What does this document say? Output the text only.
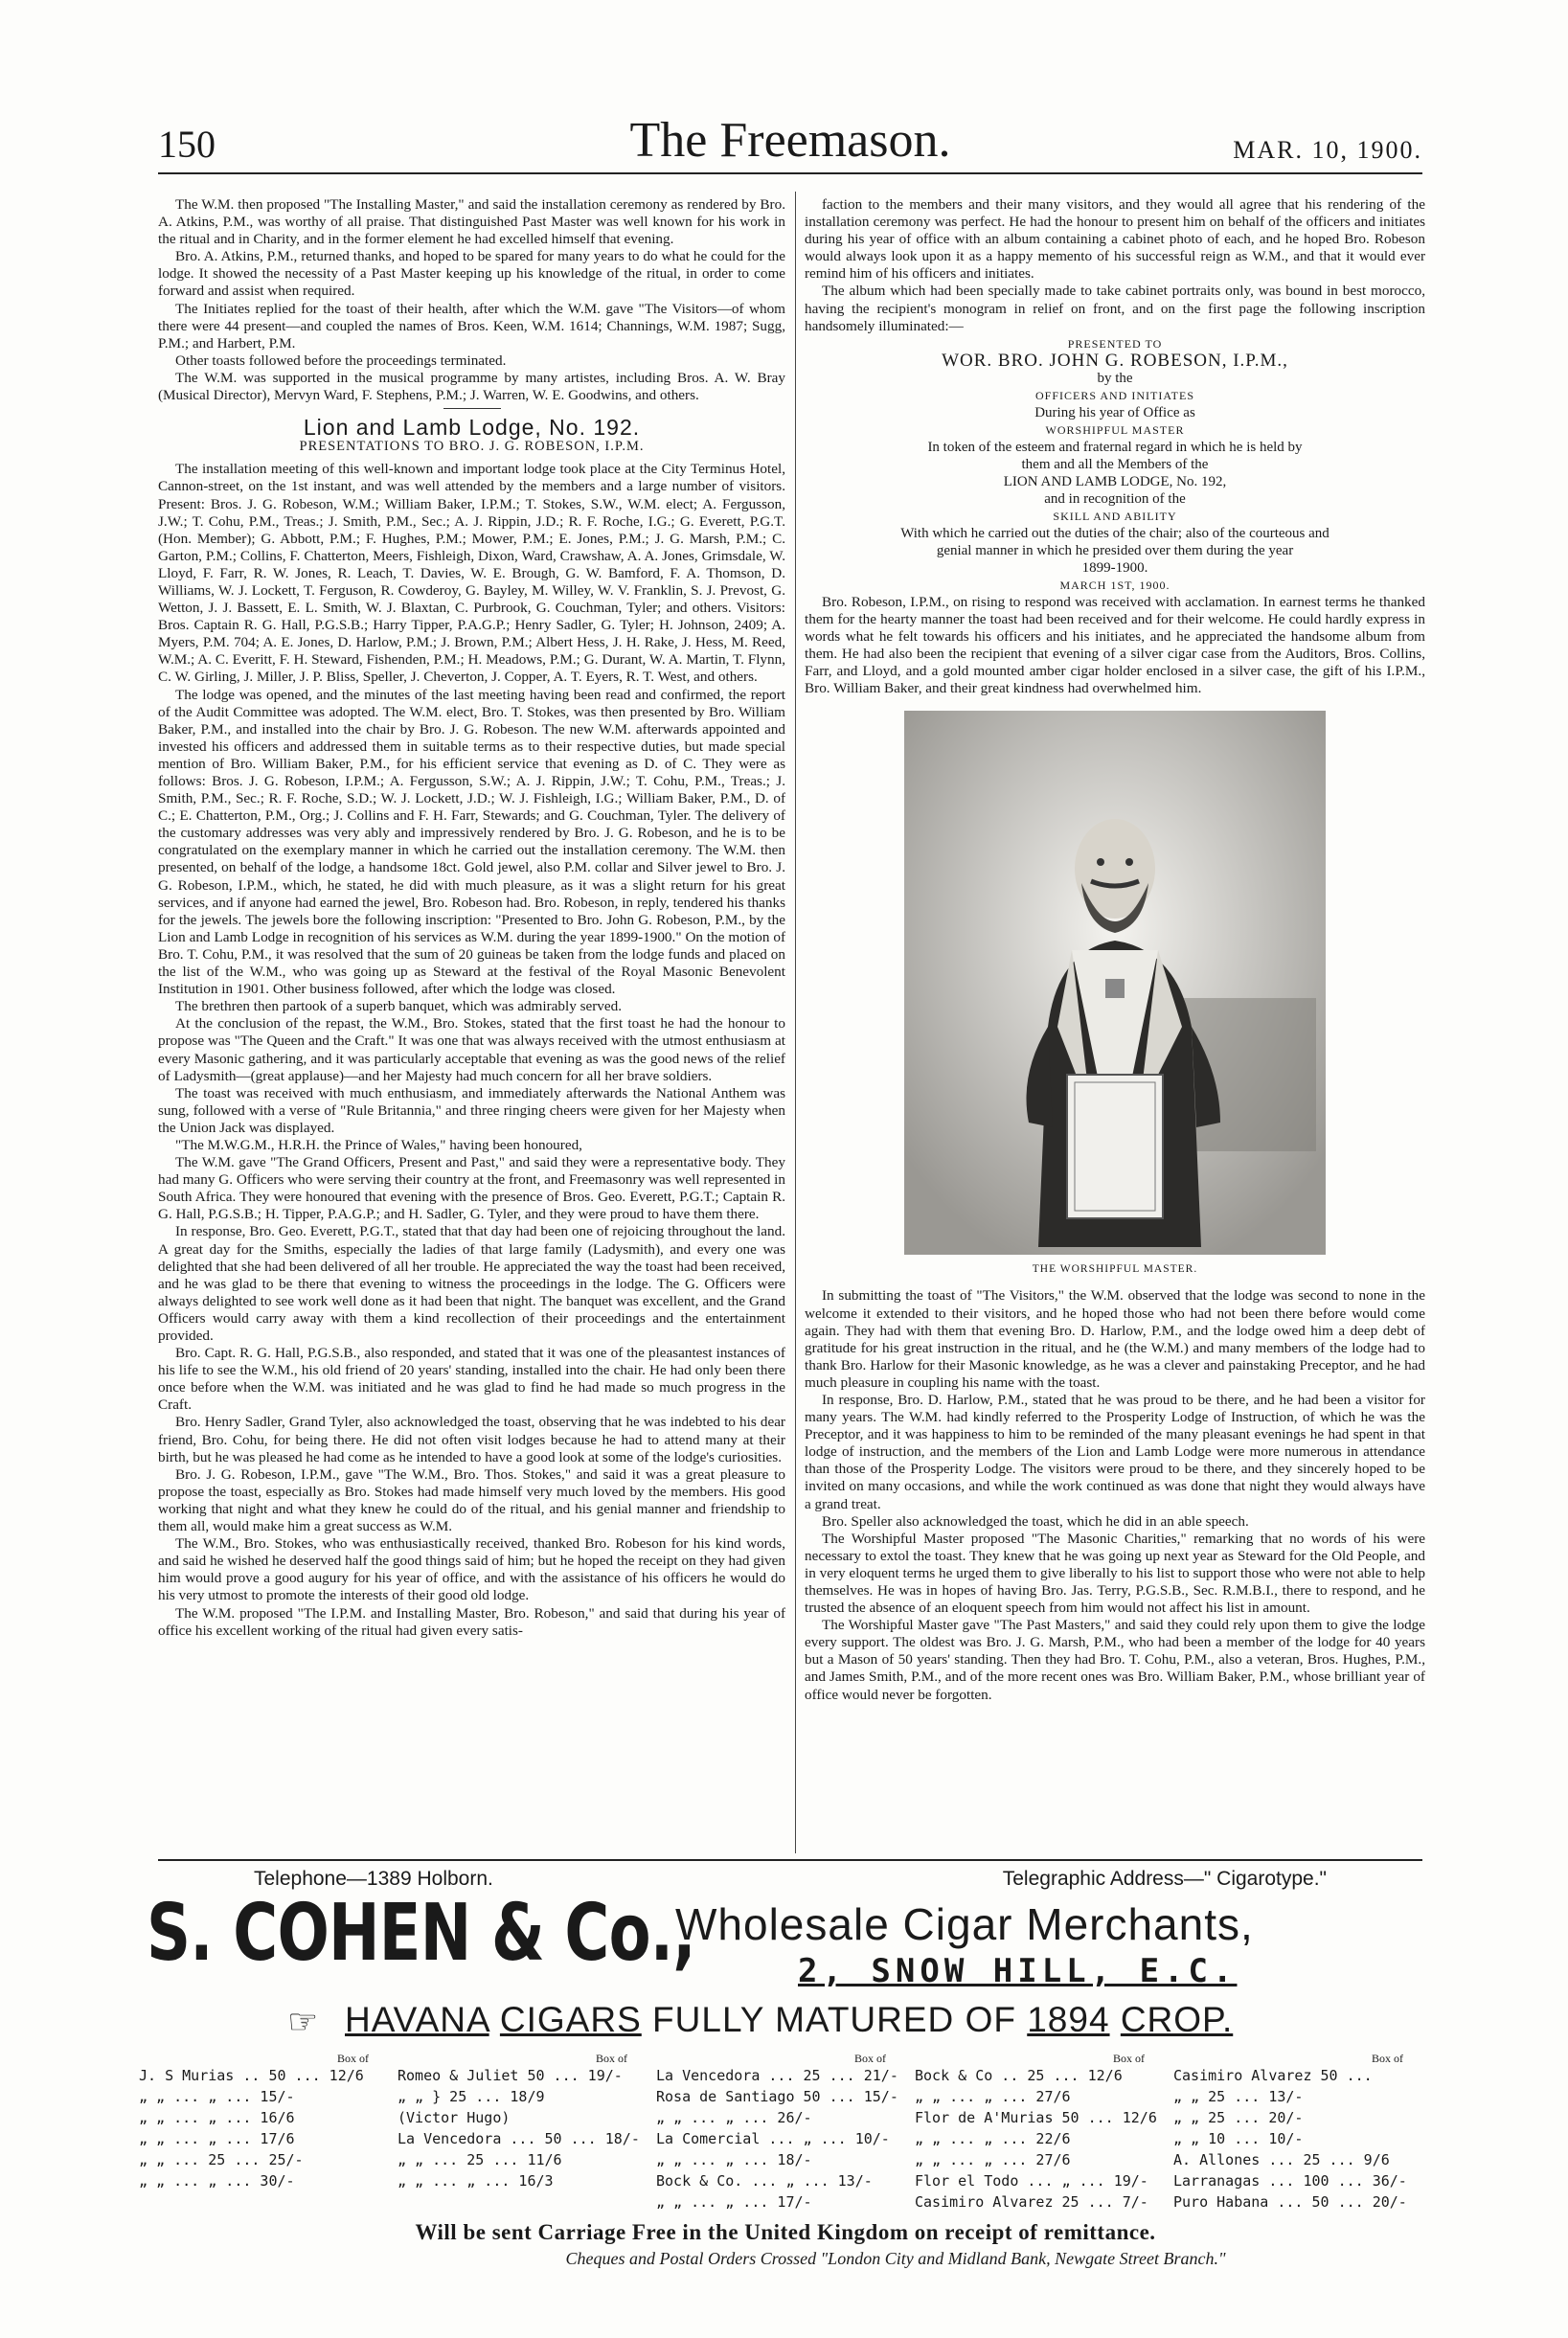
150	The Freemason.	MAR. 10, 1900.

The W.M. then proposed "The Installing Master," and said the installation ceremony as rendered by Bro. A. Atkins, P.M., was worthy of all praise. That distinguished Past Master was well known for his work in the ritual and in Charity, and in the former element he had excelled himself that evening.

Bro. A. Atkins, P.M., returned thanks, and hoped to be spared for many years to do what he could for the lodge. It showed the necessity of a Past Master keeping up his knowledge of the ritual, in order to come forward and assist when required.

The Initiates replied for the toast of their health, after which the W.M. gave "The Visitors—of whom there were 44 present—and coupled the names of Bros. Keen, W.M. 1614; Channings, W.M. 1987; Sugg, P.M.; and Harbert, P.M.

Other toasts followed before the proceedings terminated.

The W.M. was supported in the musical programme by many artistes, including Bros. A. W. Bray (Musical Director), Mervyn Ward, F. Stephens, P.M.; J. Warren, W. E. Goodwins, and others.

Lion and Lamb Lodge, No. 192.
PRESENTATIONS TO BRO. J. G. ROBESON, I.P.M.

The installation meeting of this well-known and important lodge took place at the City Terminus Hotel, Cannon-street, on the 1st instant, and was well attended by the members and a large number of visitors. Present: Bros. J. G. Robeson, W.M.; William Baker, I.P.M.; T. Stokes, S.W., W.M. elect; A. Fergusson, J.W.; T. Cohu, P.M., Treas.; J. Smith, P.M., Sec.; A. J. Rippin, J.D.; R. F. Roche, I.G.; G. Everett, P.G.T. (Hon. Member); G. Abbott, P.M.; F. Hughes, P.M.; Mower, P.M.; E. Jones, P.M.; J. G. Marsh, P.M.; C. Garton, P.M.; Collins, F. Chatterton, Meers, Fishleigh, Dixon, Ward, Crawshaw, A. A. Jones, Grimsdale, W. Lloyd, F. Farr, R. W. Jones, R. Leach, T. Davies, W. E. Brough, G. W. Bamford, F. A. Thomson, D. Williams, W. J. Lockett, T. Ferguson, R. Cowderoy, G. Bayley, M. Willey, W. V. Franklin, S. J. Prevost, G. Wetton, J. J. Bassett, E. L. Smith, W. J. Blaxtan, C. Purbrook, G. Couchman, Tyler; and others. Visitors: Bros. Captain R. G. Hall, P.G.S.B.; Harry Tipper, P.A.G.P.; Henry Sadler, G. Tyler; H. Johnson, 2409; A. Myers, P.M. 704; A. E. Jones, D. Harlow, P.M.; J. Brown, P.M.; Albert Hess, J. H. Rake, J. Hess, M. Reed, W.M.; A. C. Everitt, F. H. Steward, Fishenden, P.M.; H. Meadows, P.M.; G. Durant, W. A. Martin, T. Flynn, C. W. Girling, J. Miller, J. P. Bliss, Speller, J. Cheverton, J. Copper, A. T. Eyers, R. T. West, and others.

The lodge was opened, and the minutes of the last meeting having been read and confirmed, the report of the Audit Committee was adopted. The W.M. elect, Bro. T. Stokes, was then presented by Bro. William Baker, P.M., and installed into the chair by Bro. J. G. Robeson. The new W.M. afterwards appointed and invested his officers and addressed them in suitable terms as to their respective duties, but made special mention of Bro. William Baker, P.M., for his efficient service that evening as D. of C. They were as follows: Bros. J. G. Robeson, I.P.M.; A. Fergusson, S.W.; A. J. Rippin, J.W.; T. Cohu, P.M., Treas.; J. Smith, P.M., Sec.; R. F. Roche, S.D.; W. J. Lockett, J.D.; W. J. Fishleigh, I.G.; William Baker, P.M., D. of C.; E. Chatterton, P.M., Org.; J. Collins and F. H. Farr, Stewards; and G. Couchman, Tyler. The delivery of the customary addresses was very ably and impressively rendered by Bro. J. G. Robeson, and he is to be congratulated on the exemplary manner in which he carried out the installation ceremony. The W.M. then presented, on behalf of the lodge, a handsome 18ct. Gold jewel, also P.M. collar and Silver jewel to Bro. J. G. Robeson, I.P.M., which, he stated, he did with much pleasure, as it was a slight return for his great services, and if anyone had earned the jewel, Bro. Robeson had. Bro. Robeson, in reply, tendered his thanks for the jewels. The jewels bore the following inscription: "Presented to Bro. John G. Robeson, P.M., by the Lion and Lamb Lodge in recognition of his services as W.M. during the year 1899-1900." On the motion of Bro. T. Cohu, P.M., it was resolved that the sum of 20 guineas be taken from the lodge funds and placed on the list of the W.M., who was going up as Steward at the festival of the Royal Masonic Benevolent Institution in 1901. Other business followed, after which the lodge was closed.

The brethren then partook of a superb banquet, which was admirably served.

At the conclusion of the repast, the W.M., Bro. Stokes, stated that the first toast he had the honour to propose was "The Queen and the Craft." It was one that was always received with the utmost enthusiasm at every Masonic gathering, and it was particularly acceptable that evening as was the good news of the relief of Ladysmith—(great applause)—and her Majesty had much concern for all her brave soldiers.

The toast was received with much enthusiasm, and immediately afterwards the National Anthem was sung, followed with a verse of "Rule Britannia," and three ringing cheers were given for her Majesty when the Union Jack was displayed.

"The M.W.G.M., H.R.H. the Prince of Wales," having been honoured,

The W.M. gave "The Grand Officers, Present and Past," and said they were a representative body. They had many G. Officers who were serving their country at the front, and Freemasonry was well represented in South Africa. They were honoured that evening with the presence of Bros. Geo. Everett, P.G.T.; Captain R. G. Hall, P.G.S.B.; H. Tipper, P.A.G.P.; and H. Sadler, G. Tyler, and they were proud to have them there.

In response, Bro. Geo. Everett, P.G.T., stated that that day had been one of rejoicing throughout the land. A great day for the Smiths, especially the ladies of that large family (Ladysmith), and every one was delighted that she had been delivered of all her trouble. He appreciated the way the toast had been received, and he was glad to be there that evening to witness the proceedings in the lodge. The G. Officers were always delighted to see work well done as it had been that night. The banquet was excellent, and the Grand Officers would carry away with them a kind recollection of their proceedings and the entertainment provided.

Bro. Capt. R. G. Hall, P.G.S.B., also responded, and stated that it was one of the pleasantest instances of his life to see the W.M., his old friend of 20 years' standing, installed into the chair. He had only been there once before when the W.M. was initiated and he was glad to find he had made so much progress in the Craft.

Bro. Henry Sadler, Grand Tyler, also acknowledged the toast, observing that he was indebted to his dear friend, Bro. Cohu, for being there. He did not often visit lodges because he had to attend many at their birth, but he was pleased he had come as he intended to have a good look at some of the lodge's curiosities.

Bro. J. G. Robeson, I.P.M., gave "The W.M., Bro. Thos. Stokes," and said it was a great pleasure to propose the toast, especially as Bro. Stokes had made himself very much loved by the members. His good working that night and what they knew he could do of the ritual, and his genial manner and friendship to them all, would make him a great success as W.M.

The W.M., Bro. Stokes, who was enthusiastically received, thanked Bro. Robeson for his kind words, and said he wished he deserved half the good things said of him; but he hoped the receipt on they had given him would prove a good augury for his year of office, and with the assistance of his officers he would do his very utmost to promote the interests of their good old lodge.

The W.M. proposed "The I.P.M. and Installing Master, Bro. Robeson," and said that during his year of office his excellent working of the ritual had given every satis-

faction to the members and their many visitors, and they would all agree that his rendering of the installation ceremony was perfect. He had the honour to present him on behalf of the officers and initiates during his year of office with an album containing a cabinet photo of each, and he hoped Bro. Robeson would always look upon it as a happy memento of his successful reign as W.M., and that it would ever remind him of his officers and initiates.

The album which had been specially made to take cabinet portraits only, was bound in best morocco, having the recipient's monogram in relief on front, and on the first page the following inscription handsomely illuminated:—

PRESENTED TO
WOR. BRO. JOHN G. ROBESON, I.P.M.,
by the
OFFICERS AND INITIATES
During his year of Office as
WORSHIPFUL MASTER
In token of the esteem and fraternal regard in which he is held by
them and all the Members of the
LION AND LAMB LODGE, No. 192,
and in recognition of the
SKILL AND ABILITY
With which he carried out the duties of the chair; also of the courteous and
genial manner in which he presided over them during the year
1899-1900.
MARCH 1ST, 1900.

Bro. Robeson, I.P.M., on rising to respond was received with acclamation. In earnest terms he thanked them for the hearty manner the toast had been received and for their welcome. He could hardly express in words what he felt towards his officers and his initiates, and he appreciated the handsome album from them. He had also been the recipient that evening of a silver cigar case from the Auditors, Bros. Collins, Farr, and Lloyd, and a gold mounted amber cigar holder enclosed in a silver case, the gift of his I.P.M., Bro. William Baker, and their great kindness had overwhelmed him.

THE WORSHIPFUL MASTER.

In submitting the toast of "The Visitors," the W.M. observed that the lodge was second to none in the welcome it extended to their visitors, and he hoped those who had not been there before would come again. They had with them that evening Bro. D. Harlow, P.M., and the lodge owed him a deep debt of gratitude for his great instruction in the ritual, and he (the W.M.) and many members of the lodge had to thank Bro. Harlow for their Masonic knowledge, as he was a clever and painstaking Preceptor, and he had much pleasure in coupling his name with the toast.

In response, Bro. D. Harlow, P.M., stated that he was proud to be there, and he had been a visitor for many years. The W.M. had kindly referred to the Prosperity Lodge of Instruction, of which he was the Preceptor, and it was happiness to him to be reminded of the many pleasant evenings he had spent in that lodge of instruction, and the members of the Lion and Lamb Lodge were more numerous in attendance than those of the Prosperity Lodge. The visitors were proud to be there, and they sincerely hoped to be invited on many occasions, and while the work continued as was done that night they would always have a grand treat.

Bro. Speller also acknowledged the toast, which he did in an able speech.

The Worshipful Master proposed "The Masonic Charities," remarking that no words of his were necessary to extol the toast. They knew that he was going up next year as Steward for the Old People, and in very eloquent terms he urged them to give liberally to his list to support those who were not able to help themselves. He was in hopes of having Bro. Jas. Terry, P.G.S.B., Sec. R.M.B.I., there to respond, and he trusted the absence of an eloquent speech from him would not affect his list in amount.

The Worshipful Master gave "The Past Masters," and said they could rely upon them to give the lodge every support. The oldest was Bro. J. G. Marsh, P.M., who had been a member of the lodge for 40 years but a Mason of 50 years' standing. Then they had Bro. T. Cohu, P.M., also a veteran, Bros. Hughes, P.M., and James Smith, P.M., and of the more recent ones was Bro. William Baker, P.M., whose brilliant year of office would never be forgotten.

Telephone—1389 Holborn.	Telegraphic Address—" Cigarotype."
S. COHEN & Co.,
Wholesale Cigar Merchants,
2, SNOW HILL, E.C.
☞ HAVANA CIGARS FULLY MATURED OF 1894 CROP.
Box of
J. S Murias .. 50 ... 12/6
„ „ ... „ ... 15/-
„ „ ... „ ... 16/6
„ „ ... „ ... 17/6
„ „ ... 25 ... 25/-
„ „ ... „ ... 30/-
Box of
Romeo & Juliet 50 ... 19/-
„ „ } 25 ... 18/9
(Victor Hugo)
La Vencedora ... 50 ... 18/-
„ „ ... 25 ... 11/6
„ „ ... „ ... 16/3
Box of
La Vencedora ... 25 ... 21/-
Rosa de Santiago 50 ... 15/-
„ „ ... „ ... 26/-
La Comercial ... „ ... 10/-
„ „ ... „ ... 18/-
Bock & Co. ... „ ... 13/-
„ „ ... „ ... 17/-
Box of
Bock & Co .. 25 ... 12/6
„ „ ... „ ... 27/6
Flor de A'Murias 50 ... 12/6
„ „ ... „ ... 22/6
„ „ ... „ ... 27/6
Flor el Todo ... „ ... 19/-
Casimiro Alvarez 25 ... 7/-
Box of
Casimiro Alvarez 50 ...
„ „ 25 ... 13/-
„ „ 25 ... 20/-
„ „ 10 ... 10/-
A. Allones ... 25 ... 9/6
Larranagas ... 100 ... 36/-
Puro Habana ... 50 ... 20/-
Will be sent Carriage Free in the United Kingdom on receipt of remittance.
Cheques and Postal Orders Crossed "London City and Midland Bank, Newgate Street Branch."
